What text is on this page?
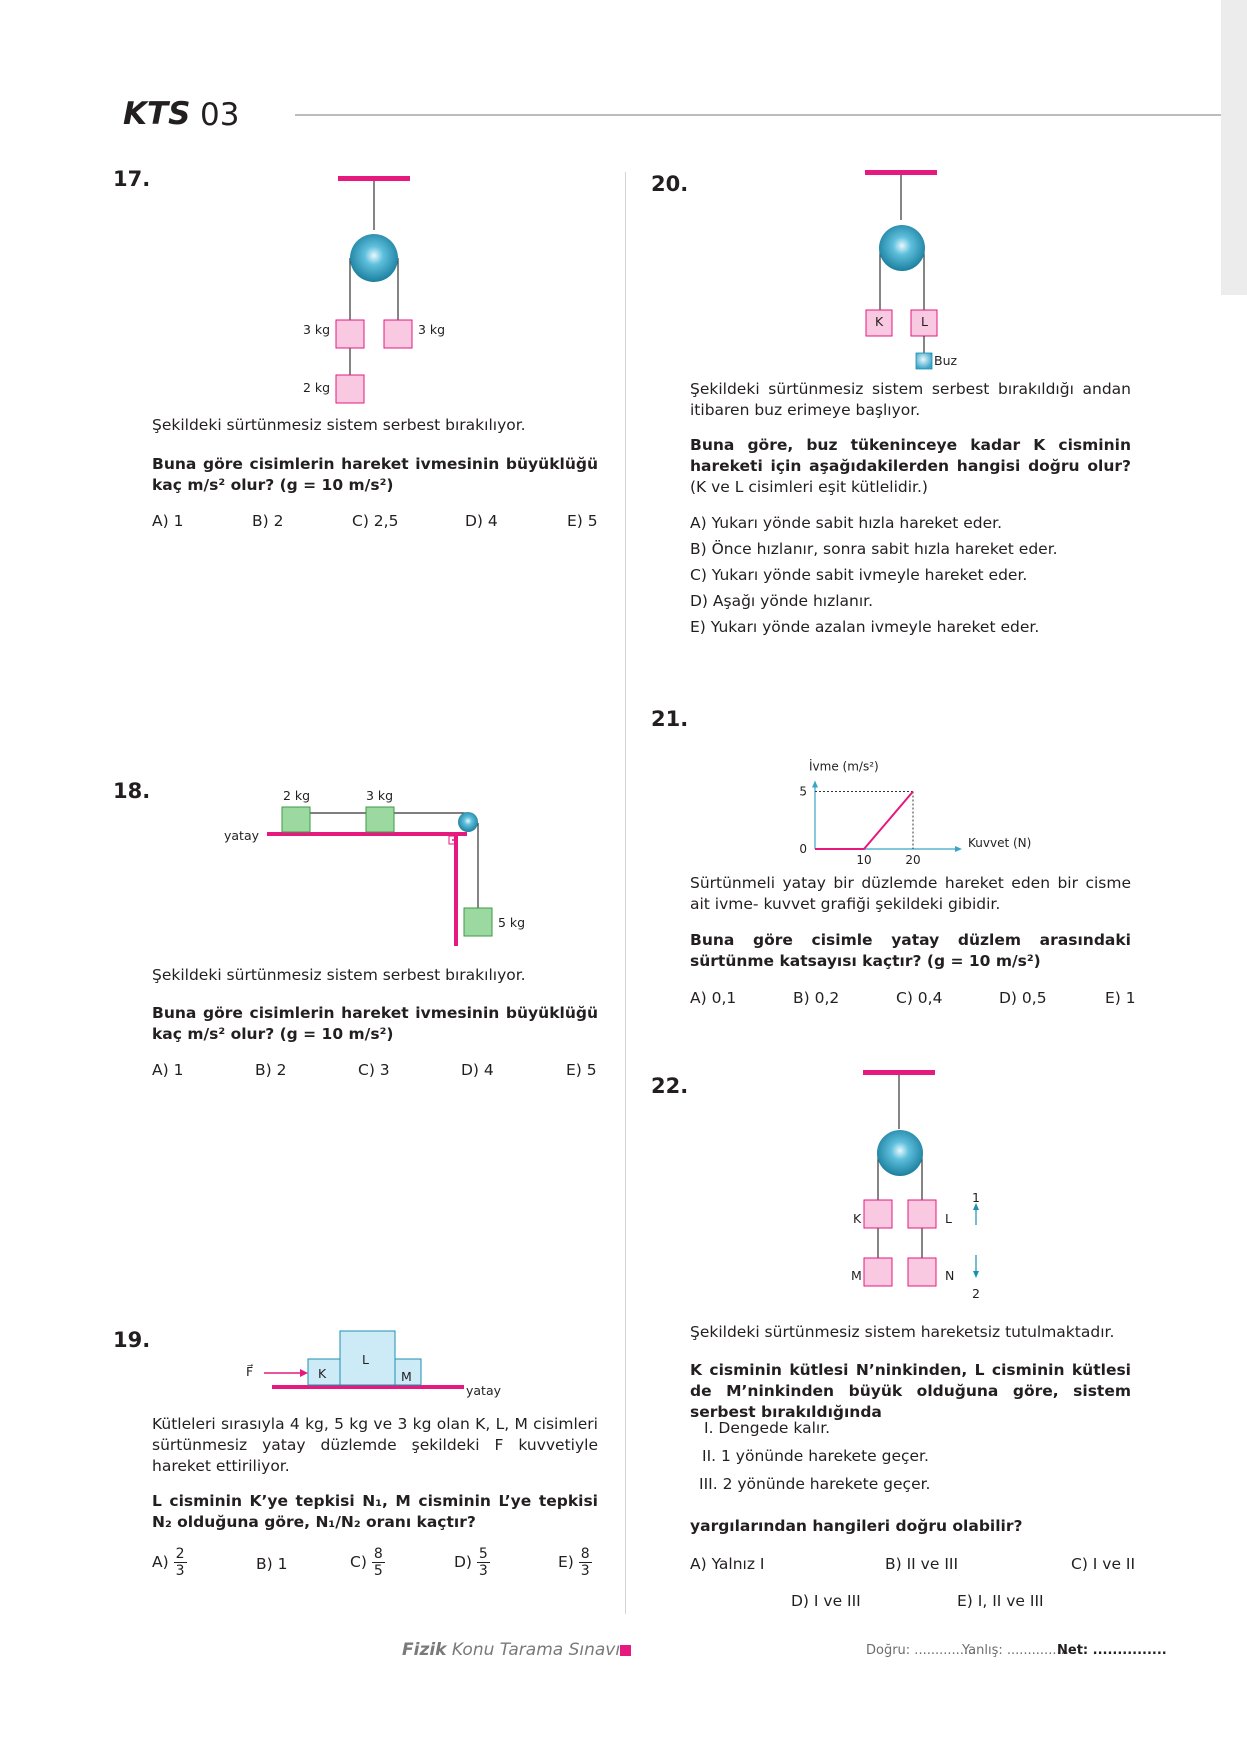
KTS 03
17.
3 kg	3 kg
2 kg
Şekildeki sürtünmesiz sistem serbest bırakılıyor.
Buna göre cisimlerin hareket ivmesinin büyüklüğü kaç m/s² olur? (g = 10 m/s²)
A) 1	B) 2	C) 2,5	D) 4	E) 5
18.	2 kg	3 kg
yatay
5 kg
Şekildeki sürtünmesiz sistem serbest bırakılıyor.
Buna göre cisimlerin hareket ivmesinin büyüklüğü kaç m/s² olur? (g = 10 m/s²)
A) 1	B) 2	C) 3	D) 4	E) 5
19.
F⃗	K
L
M
yatay
Kütleleri sırasıyla 4 kg, 5 kg ve 3 kg olan K, L, M cisimleri sürtünmesiz yatay düzlemde şekildeki F kuvvetiyle hareket ettiriliyor.
L cisminin K’ye tepkisi N₁, M cisminin L’ye tepkisi N₂ olduğuna göre, N₁/N₂ oranı kaçtır?
$A) \frac{2}{3}$	B) 1	$C) \frac{8}{5}$	$D) \frac{5}{3}$	$E) \frac{8}{3}$
20.
K	L
Buz
Şekildeki sürtünmesiz sistem serbest bırakıldığı andan itibaren buz erimeye başlıyor.
Buna göre, buz tükeninceye kadar K cisminin hareketi için aşağıdakilerden hangisi doğru olur? (K ve L cisimleri eşit kütlelidir.)
A) Yukarı yönde sabit hızla hareket eder.
B) Önce hızlanır, sonra sabit hızla hareket eder.
C) Yukarı yönde sabit ivmeyle hareket eder.
D) Aşağı yönde hızlanır.
E) Yukarı yönde azalan ivmeyle hareket eder.
21.
İvme (m/s²)
Kuvvet (N)
0
5
10	20
Sürtünmeli yatay bir düzlemde hareket eden bir cisme ait ivme- kuvvet grafiği şekildeki gibidir.
Buna göre cisimle yatay düzlem arasındaki sürtünme katsayısı kaçtır? (g = 10 m/s²)
A) 0,1	B) 0,2	C) 0,4	D) 0,5	E) 1
22.
K	L
M	N
1
2
Şekildeki sürtünmesiz sistem hareketsiz tutulmaktadır.
K cisminin kütlesi N’ninkinden, L cisminin kütlesi de M’ninkinden büyük olduğuna göre, sistem serbest bırakıldığında
I. Dengede kalır.
II. 1 yönünde harekete geçer.
III. 2 yönünde harekete geçer.
yargılarından hangileri doğru olabilir?
A) Yalnız I	B) II ve III	C) I ve II
D) I ve III	E) I, II ve III
Fizik Konu Tarama Sınavı	Doğru: ...............
Yanlış: ...............
Net: ...............
